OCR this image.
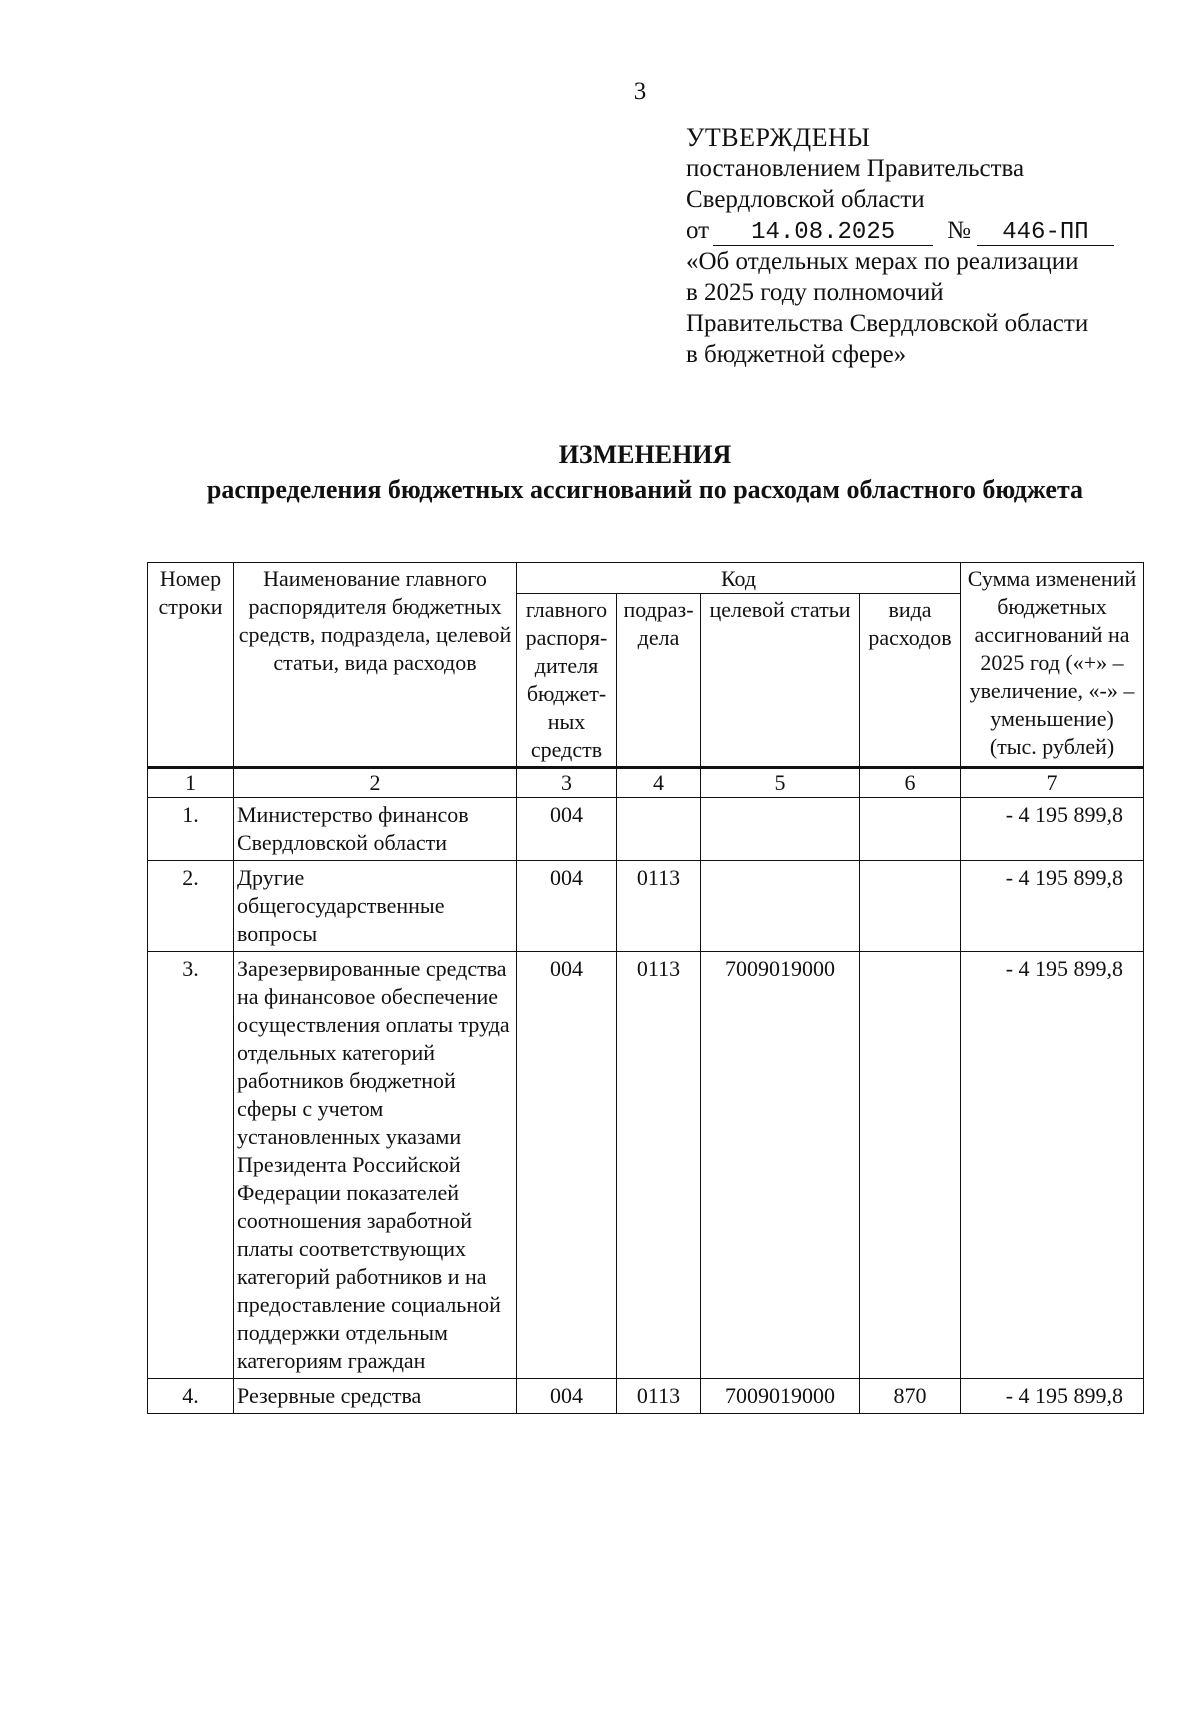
3
УТВЕРЖДЕНЫ
постановлением Правительства
Свердловской области
от 14.08.2025 № 446-ПП
«Об отдельных мерах по реализации
в 2025 году полномочий
Правительства Свердловской области
в бюджетной сфере»
ИЗМЕНЕНИЯ
распределения бюджетных ассигнований по расходам областного бюджета
Номер строки	Наименование главного распорядителя бюджетных средств, подраздела, целевой статьи, вида расходов	Код				Сумма изменений бюджетных ассигнований на 2025 год («+» – увеличение, «-» – уменьшение) (тыс. рублей)
		главного распоря-дителя бюджет-ных средств	подраз-дела	целевой статьи	вида расходов	
1	2	3	4	5	6	7
1.	Министерство финансов Свердловской области	004				- 4 195 899,8
2.	Другие общегосударственные вопросы	004	0113			- 4 195 899,8
3.	Зарезервированные средства на финансовое обеспечение осуществления оплаты труда отдельных категорий работников бюджетной сферы с учетом установленных указами Президента Российской Федерации показателей соотношения заработной платы соответствующих категорий работников и на предоставление социальной поддержки отдельным категориям граждан	004	0113	7009019000		- 4 195 899,8
4.	Резервные средства	004	0113	7009019000	870	- 4 195 899,8
